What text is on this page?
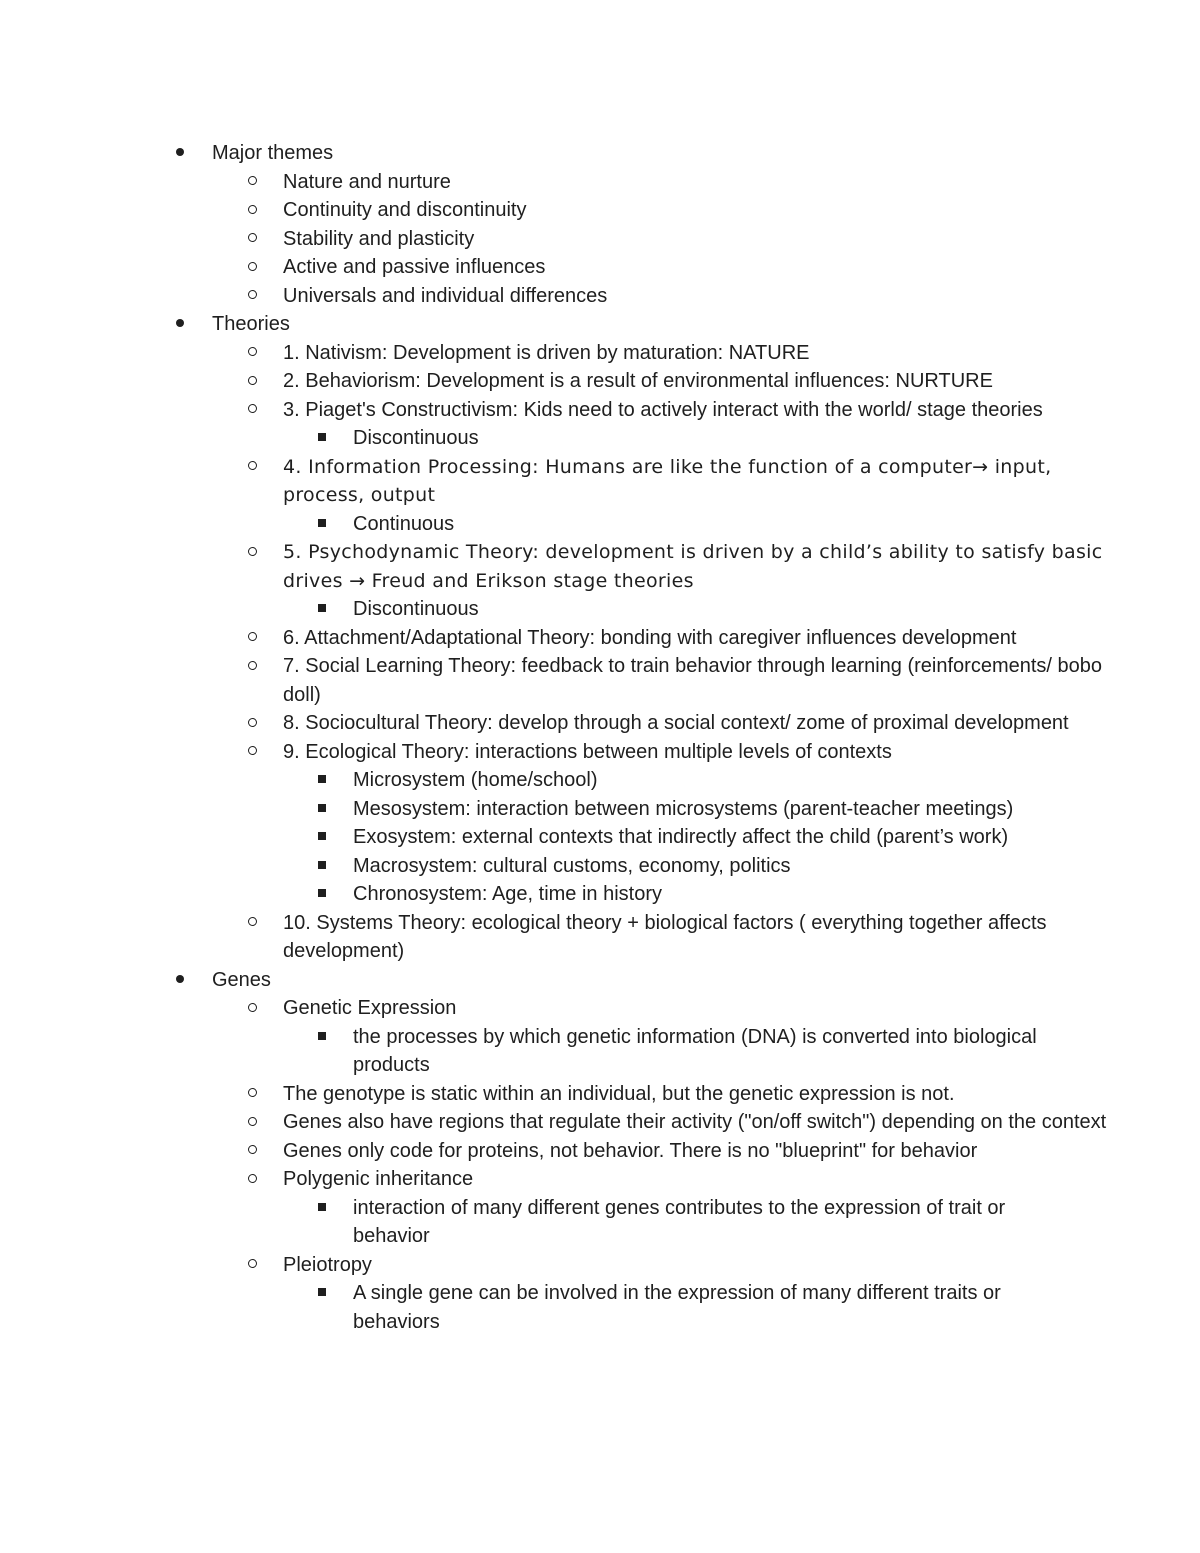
Major themes
Nature and nurture
Continuity and discontinuity
Stability and plasticity
Active and passive influences
Universals and individual differences
Theories
1. Nativism: Development is driven by maturation: NATURE
2. Behaviorism: Development is a result of environmental influences: NURTURE
3. Piaget's Constructivism: Kids need to actively interact with the world/ stage theories
Discontinuous
4. Information Processing: Humans are like the function of a computer→ input, process, output
Continuous
5. Psychodynamic Theory: development is driven by a child’s ability to satisfy basic drives → Freud and Erikson stage theories
Discontinuous
6. Attachment/Adaptational Theory: bonding with caregiver influences development
7. Social Learning Theory: feedback to train behavior through learning (reinforcements/ bobo doll)
8. Sociocultural Theory: develop through a social context/ zome of proximal development
9. Ecological Theory: interactions between multiple levels of contexts
Microsystem (home/school)
Mesosystem: interaction between microsystems (parent-teacher meetings)
Exosystem: external contexts that indirectly affect the child (parent’s work)
Macrosystem: cultural customs, economy, politics
Chronosystem: Age, time in history
10. Systems Theory: ecological theory + biological factors ( everything together affects development)
Genes
Genetic Expression
the processes by which genetic information (DNA) is converted into biological products
The genotype is static within an individual, but the genetic expression is not.
Genes also have regions that regulate their activity ("on/off switch") depending on the context
Genes only code for proteins, not behavior. There is no "blueprint" for behavior
Polygenic inheritance
interaction of many different genes contributes to the expression of trait or behavior
Pleiotropy
A single gene can be involved in the expression of many different traits or behaviors
